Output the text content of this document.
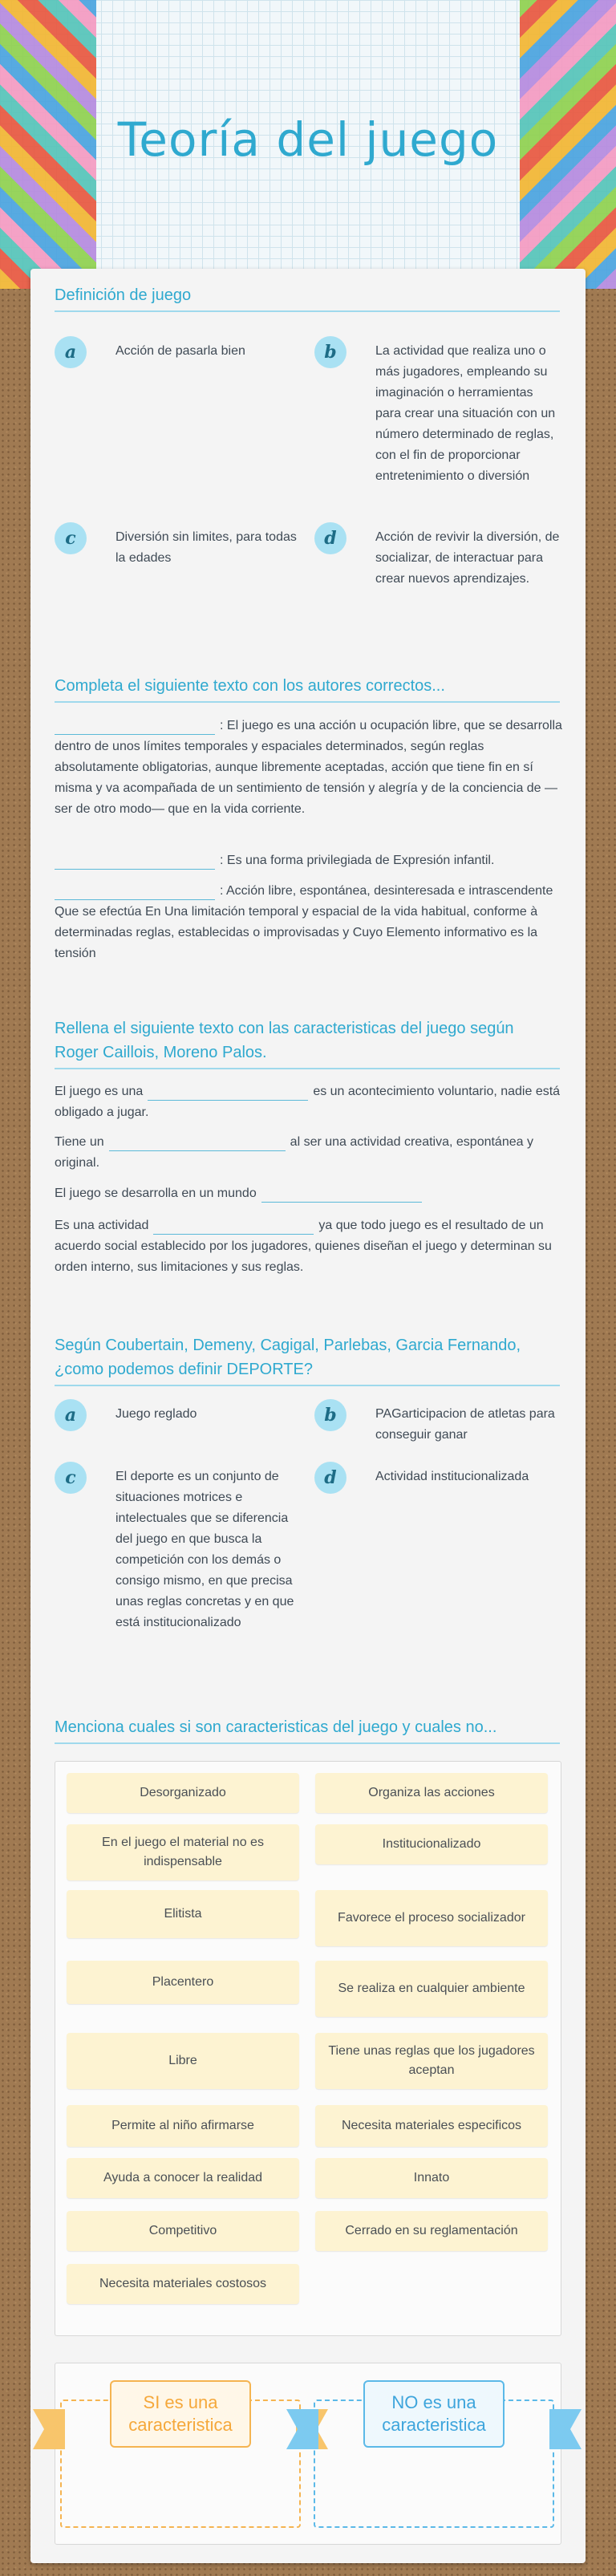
Teoría del juego
Definición de juego
a	Acción de pasarla bien	b	La actividad que realiza uno o más jugadores, empleando su imaginación o herramientas para crear una situación con un número determinado de reglas, con el fin de proporcionar entretenimiento o diversión
c	Diversión sin limites, para todas la edades
d	Acción de revivir la diversión, de socializar, de interactuar para crear nuevos aprendizajes.
Completa el siguiente texto con los autores correctos...
: El juego es una acción u ocupación libre, que se desarrolla dentro de unos límites temporales y espaciales determinados, según reglas absolutamente obligatorias, aunque libremente aceptadas, acción que tiene fin en sí misma y va acompañada de un sentimiento de tensión y alegría y de la conciencia de —ser de otro modo— que en la vida corriente.
: Es una forma privilegiada de Expresión infantil.
: Acción libre, espontánea, desinteresada e intrascendente Que se efectúa En Una limitación temporal y espacial de la vida habitual, conforme à determinadas reglas, establecidas o improvisadas y Cuyo Elemento informativo es la tensión
Rellena el siguiente texto con las caracteristicas del juego según Roger Caillois, Moreno Palos.
El juego es una	es un acontecimiento voluntario, nadie está obligado a jugar.
Tiene un	al ser una actividad creativa, espontánea y original.
El juego se desarrolla en un mundo
Es una actividad	ya que todo juego es el resultado de un acuerdo social establecido por los jugadores, quienes diseñan el juego y determinan su orden interno, sus limitaciones y sus reglas.
Según Coubertain, Demeny, Cagigal, Parlebas, Garcia Fernando, ¿como podemos definir DEPORTE?
a	Juego reglado	b	PAGarticipacion de atletas para conseguir ganar
c	El deporte es un conjunto de situaciones motrices e intelectuales que se diferencia del juego en que busca la competición con los demás o consigo mismo, en que precisa unas reglas concretas y en que está institucionalizado
d	Actividad institucionalizada
Menciona cuales si son caracteristicas del juego y cuales no...
Desorganizado	Organiza las acciones
En el juego el material no es indispensable
Institucionalizado
Elitista	Favorece el proceso socializador
Placentero	Se realiza en cualquier ambiente
Libre
Tiene unas reglas que los jugadores aceptan
Permite al niño afirmarse	Necesita materiales especificos
Ayuda a conocer la realidad	Innato
Competitivo	Cerrado en su reglamentación
Necesita materiales costosos
SI es una caracteristica
NO es una caracteristica
